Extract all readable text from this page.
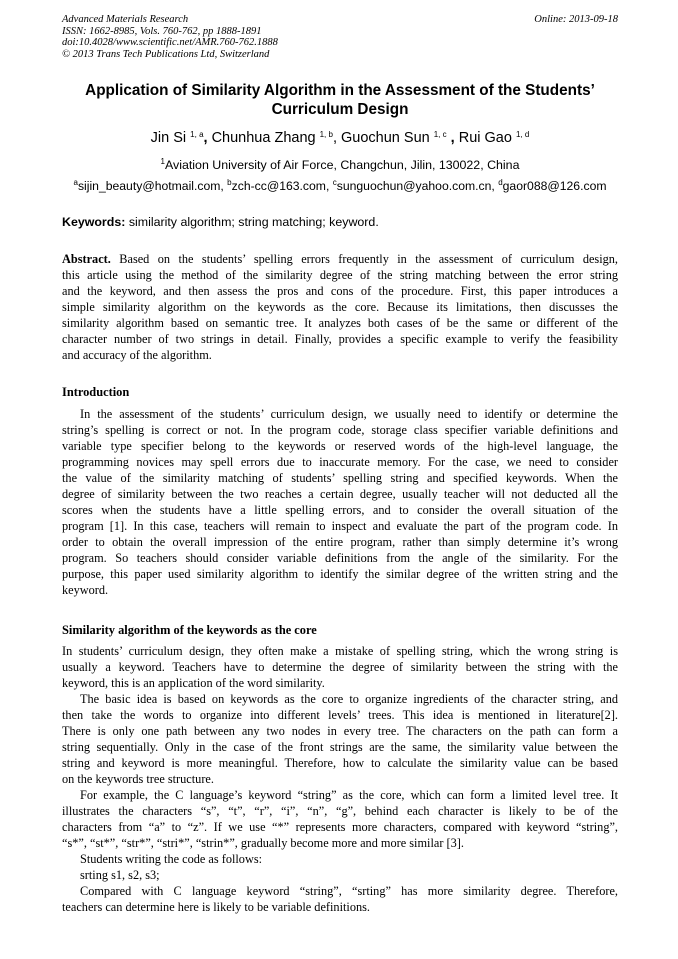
Advanced Materials Research
ISSN: 1662-8985, Vols. 760-762, pp 1888-1891
doi:10.4028/www.scientific.net/AMR.760-762.1888
© 2013 Trans Tech Publications Ltd, Switzerland
Online: 2013-09-18
Application of Similarity Algorithm in the Assessment of the Students’
Curriculum Design
Jin Si $^{1, a}$, Chunhua Zhang $^{1, b}$, Guochun Sun $^{1, c}$ , Rui Gao $^{1, d}$
$^1$Aviation University of Air Force, Changchun, Jilin, 130022, China
$^a$sijin_beauty@hotmail.com, $^b$zch-cc@163.com, $^c$sunguochun@yahoo.com.cn, $^d$gaor088@126.com
Keywords: similarity algorithm; string matching; keyword.
Abstract. Based on the students’ spelling errors frequently in the assessment of curriculum design,
this article using the method of the similarity degree of the string matching between the error string
and the keyword, and then assess the pros and cons of the procedure. First, this paper introduces a
simple similarity algorithm on the keywords as the core. Because its limitations, then discusses the
similarity algorithm based on semantic tree. It analyzes both cases of be the same or different of the
character number of two strings in detail. Finally, provides a specific example to verify the feasibility
and accuracy of the algorithm.
Introduction
In the assessment of the students’ curriculum design, we usually need to identify or determine the
string’s spelling is correct or not. In the program code, storage class specifier variable definitions and
variable type specifier belong to the keywords or reserved words of the high-level language, the
programming novices may spell errors due to inaccurate memory. For the case, we need to consider
the value of the similarity matching of students’ spelling string and specified keywords. When the
degree of similarity between the two reaches a certain degree, usually teacher will not deducted all the
scores when the students have a little spelling errors, and to consider the overall situation of the
program [1]. In this case, teachers will remain to inspect and evaluate the part of the program code. In
order to obtain the overall impression of the entire program, rather than simply determine it’s wrong
program. So teachers should consider variable definitions from the angle of the similarity. For the
purpose, this paper used similarity algorithm to identify the similar degree of the written string and the
keyword.
Similarity algorithm of the keywords as the core
In students’ curriculum design, they often make a mistake of spelling string, which the wrong string is
usually a keyword. Teachers have to determine the degree of similarity between the string with the
keyword, this is an application of the word similarity.
The basic idea is based on keywords as the core to organize ingredients of the character string, and
then take the words to organize into different levels’ trees. This idea is mentioned in literature[2].
There is only one path between any two nodes in every tree. The characters on the path can form a
string sequentially. Only in the case of the front strings are the same, the similarity value between the
string and keyword is more meaningful. Therefore, how to calculate the similarity value can be based
on the keywords tree structure.
For example, the C language’s keyword “string” as the core, which can form a limited level tree. It
illustrates the characters “s”, “t”, “r”, “i”, “n”, “g”, behind each character is likely to be of the
characters from “a” to “z”. If we use “*” represents more characters, compared with keyword “string”,
“s*”, “st*”, “str*”, “stri*”, “strin*”, gradually become more and more similar [3].
Students writing the code as follows:
srting s1, s2, s3;
Compared with C language keyword “string”, “srting” has more similarity degree. Therefore,
teachers can determine here is likely to be variable definitions.
